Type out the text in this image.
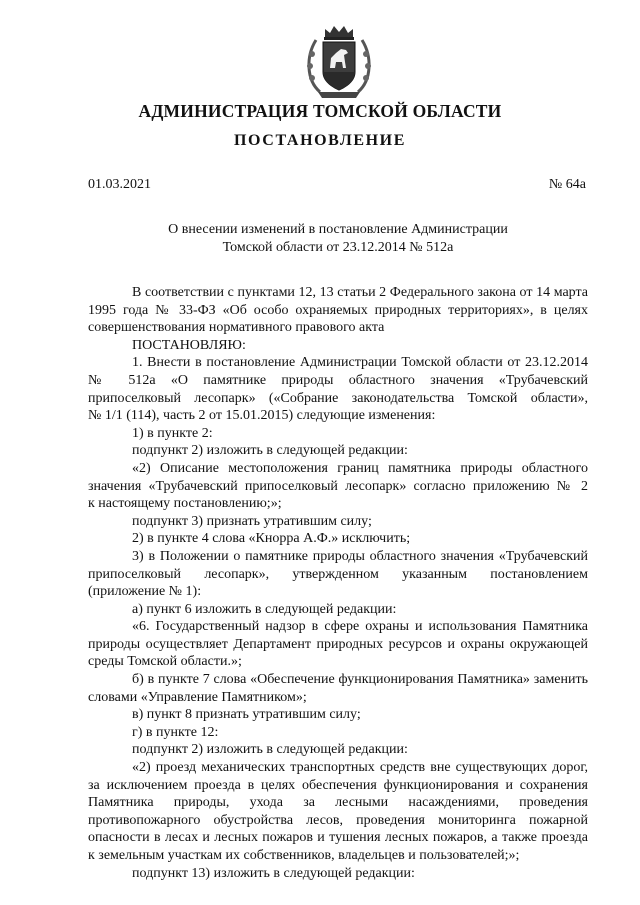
АДМИНИСТРАЦИЯ ТОМСКОЙ ОБЛАСТИ
ПОСТАНОВЛЕНИЕ
01.03.2021	№ 64а
О внесении изменений в постановление Администрации
Томской области от 23.12.2014 № 512а

В соответствии с пунктами 12, 13 статьи 2 Федерального закона от 14 марта

1995 года № 33-ФЗ «Об особо охраняемых природных территориях», в целях

совершенствования нормативного правового акта

ПОСТАНОВЛЯЮ:

1. Внести в постановление Администрации Томской области от 23.12.2014

№ 512а «О памятнике природы областного значения «Трубачевский

припоселковый лесопарк» («Собрание законодательства Томской области»,

№ 1/1 (114), часть 2 от 15.01.2015) следующие изменения:

1) в пункте 2:

подпункт 2) изложить в следующей редакции:

«2) Описание местоположения границ памятника природы областного

значения «Трубачевский припоселковый лесопарк» согласно приложению № 2

к настоящему постановлению;»;

подпункт 3) признать утратившим силу;

2) в пункте 4 слова «Кнорра А.Ф.» исключить;

3) в Положении о памятнике природы областного значения «Трубачевский

припоселковый лесопарк», утвержденном указанным постановлением

(приложение № 1):

а) пункт 6 изложить в следующей редакции:

«6. Государственный надзор в сфере охраны и использования Памятника

природы осуществляет Департамент природных ресурсов и охраны окружающей

среды Томской области.»;

б) в пункте 7 слова «Обеспечение функционирования Памятника» заменить

словами «Управление Памятником»;

в) пункт 8 признать утратившим силу;

г) в пункте 12:

подпункт 2) изложить в следующей редакции:

«2) проезд механических транспортных средств вне существующих дорог,

за исключением проезда в целях обеспечения функционирования и сохранения

Памятника природы, ухода за лесными насаждениями, проведения

противопожарного обустройства лесов, проведения мониторинга пожарной

опасности в лесах и лесных пожаров и тушения лесных пожаров, а также проезда

к земельным участкам их собственников, владельцев и пользователей;»;

подпункт 13) изложить в следующей редакции:
